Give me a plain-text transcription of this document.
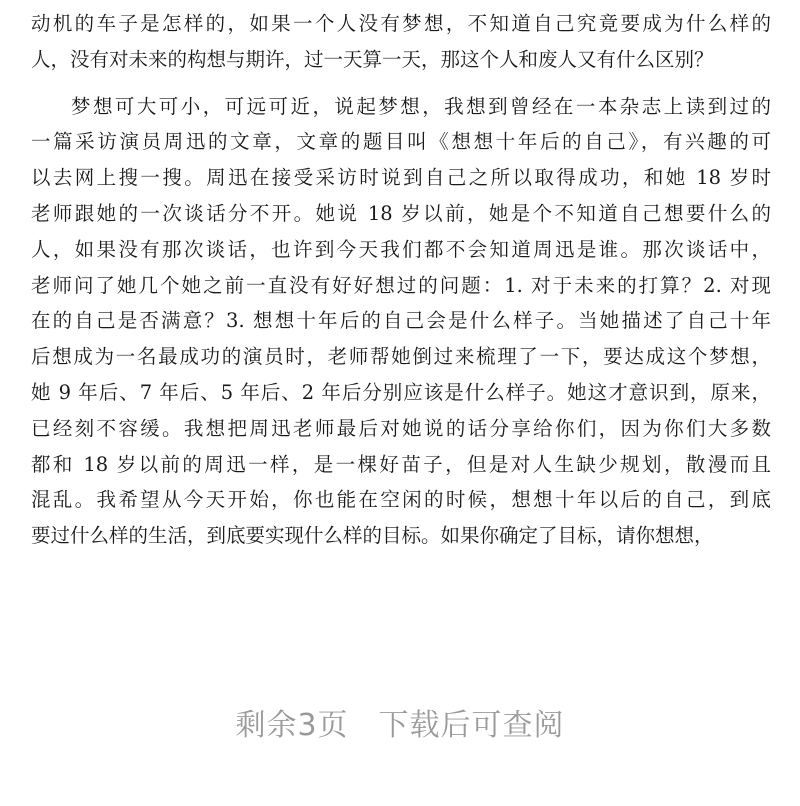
动机的车子是怎样的，如果一个人没有梦想，不知道自己究竟要成为什么样的
人，没有对未来的构想与期许，过一天算一天，那这个人和废人又有什么区别？
梦想可大可小，可远可近，说起梦想，我想到曾经在一本杂志上读到过的
一篇采访演员周迅的文章，文章的题目叫《想想十年后的自己》，有兴趣的可
以去网上搜一搜。周迅在接受采访时说到自己之所以取得成功，和她 18 岁时
老师跟她的一次谈话分不开。她说 18 岁以前，她是个不知道自己想要什么的
人，如果没有那次谈话，也许到今天我们都不会知道周迅是谁。那次谈话中，
老师问了她几个她之前一直没有好好想过的问题：1. 对于未来的打算？2. 对现
在的自己是否满意？3. 想想十年后的自己会是什么样子。当她描述了自己十年
后想成为一名最成功的演员时，老师帮她倒过来梳理了一下，要达成这个梦想，
她 9 年后、7 年后、5 年后、2 年后分别应该是什么样子。她这才意识到，原来，
已经刻不容缓。我想把周迅老师最后对她说的话分享给你们，因为你们大多数
都和 18 岁以前的周迅一样，是一棵好苗子，但是对人生缺少规划，散漫而且
混乱。我希望从今天开始，你也能在空闲的时候，想想十年以后的自己，到底
要过什么样的生活，到底要实现什么样的目标。如果你确定了目标，请你想想，
剩余3页 下载后可查阅
